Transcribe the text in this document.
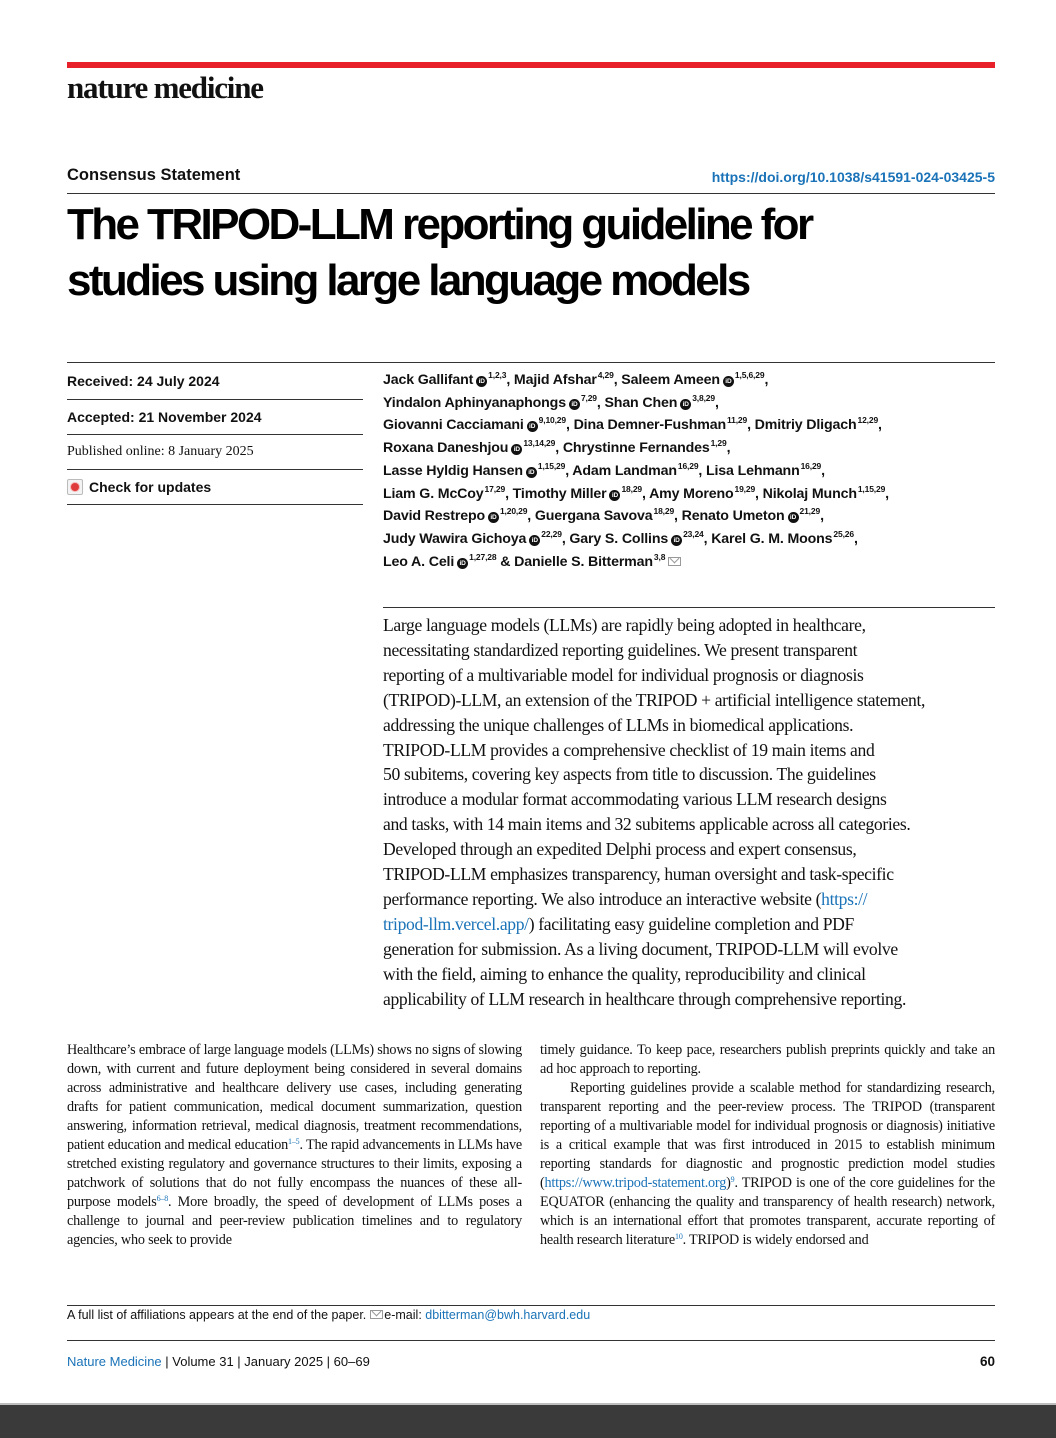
nature medicine
Consensus Statement	https://doi.org/10.1038/s41591-024-03425-5
The TRIPOD-LLM reporting guideline for
studies using large language models
Received: 24 July 2024
Accepted: 21 November 2024
Published online: 8 January 2025
Check for updates

Jack Gallifant iD$^{1,2,3}$, Majid Afshar$^{4,29}$, Saleem Ameen iD$^{1,5,6,29}$,
Yindalon Aphinyanaphongs iD$^{7,29}$, Shan Chen iD$^{3,8,29}$,
Giovanni Cacciamani iD$^{9,10,29}$, Dina Demner-Fushman$^{11,29}$, Dmitriy Dligach$^{12,29}$,
Roxana Daneshjou iD$^{13,14,29}$, Chrystinne Fernandes$^{1,29}$,
Lasse Hyldig Hansen iD$^{1,15,29}$, Adam Landman$^{16,29}$, Lisa Lehmann$^{16,29}$,
Liam G. McCoy$^{17,29}$, Timothy Miller iD$^{18,29}$, Amy Moreno$^{19,29}$, Nikolaj Munch$^{1,15,29}$,
David Restrepo iD$^{1,20,29}$, Guergana Savova$^{18,29}$, Renato Umeton iD$^{21,29}$,
Judy Wawira Gichoya iD$^{22,29}$, Gary S. Collins iD$^{23,24}$, Karel G. M. Moons$^{25,26}$,
Leo A. Celi iD$^{1,27,28}$ & Danielle S. Bitterman$^{3,8}$

Large language models (LLMs) are rapidly being adopted in healthcare,
necessitating standardized reporting guidelines. We present transparent
reporting of a multivariable model for individual prognosis or diagnosis
(TRIPOD)-LLM, an extension of the TRIPOD + artificial intelligence statement,
addressing the unique challenges of LLMs in biomedical applications.
TRIPOD-LLM provides a comprehensive checklist of 19 main items and
50 subitems, covering key aspects from title to discussion. The guidelines
introduce a modular format accommodating various LLM research designs
and tasks, with 14 main items and 32 subitems applicable across all categories.
Developed through an expedited Delphi process and expert consensus,
TRIPOD-LLM emphasizes transparency, human oversight and task-specific
performance reporting. We also introduce an interactive website (https://
tripod-llm.vercel.app/) facilitating easy guideline completion and PDF
generation for submission. As a living document, TRIPOD-LLM will evolve
with the field, aiming to enhance the quality, reproducibility and clinical
applicability of LLM research in healthcare through comprehensive reporting.

Healthcare’s embrace of large language models (LLMs) shows no signs of slowing down, with current and future deployment being considered in several domains across administrative and healthcare delivery use cases, including generating drafts for patient communication, medical document summarization, question answering, information retrieval, medical diagnosis, treatment recommendations, patient education and medical education$^{1-5}$. The rapid advancements in LLMs have stretched existing regulatory and governance structures to their limits, exposing a patchwork of solutions that do not fully encompass the nuances of these all-purpose models$^{6-8}$. More broadly, the speed of development of LLMs poses a challenge to journal and peer-review publication timelines and to regulatory agencies, who seek to provide

timely guidance. To keep pace, researchers publish preprints quickly and take an ad hoc approach to reporting.

Reporting guidelines provide a scalable method for standardizing research, transparent reporting and the peer-review process. The TRIPOD (transparent reporting of a multivariable model for individual prognosis or diagnosis) initiative is a critical example that was first introduced in 2015 to establish minimum reporting standards for diagnostic and prognostic prediction model studies (https://www.tripod-statement.org)$^9$. TRIPOD is one of the core guidelines for the EQUATOR (enhancing the quality and transparency of health research) network, which is an international effort that promotes transparent, accurate reporting of health research literature$^{10}$. TRIPOD is widely endorsed and

A full list of affiliations appears at the end of the paper. e-mail: dbitterman@bwh.harvard.edu
Nature Medicine | Volume 31 | January 2025 | 60–69	60
